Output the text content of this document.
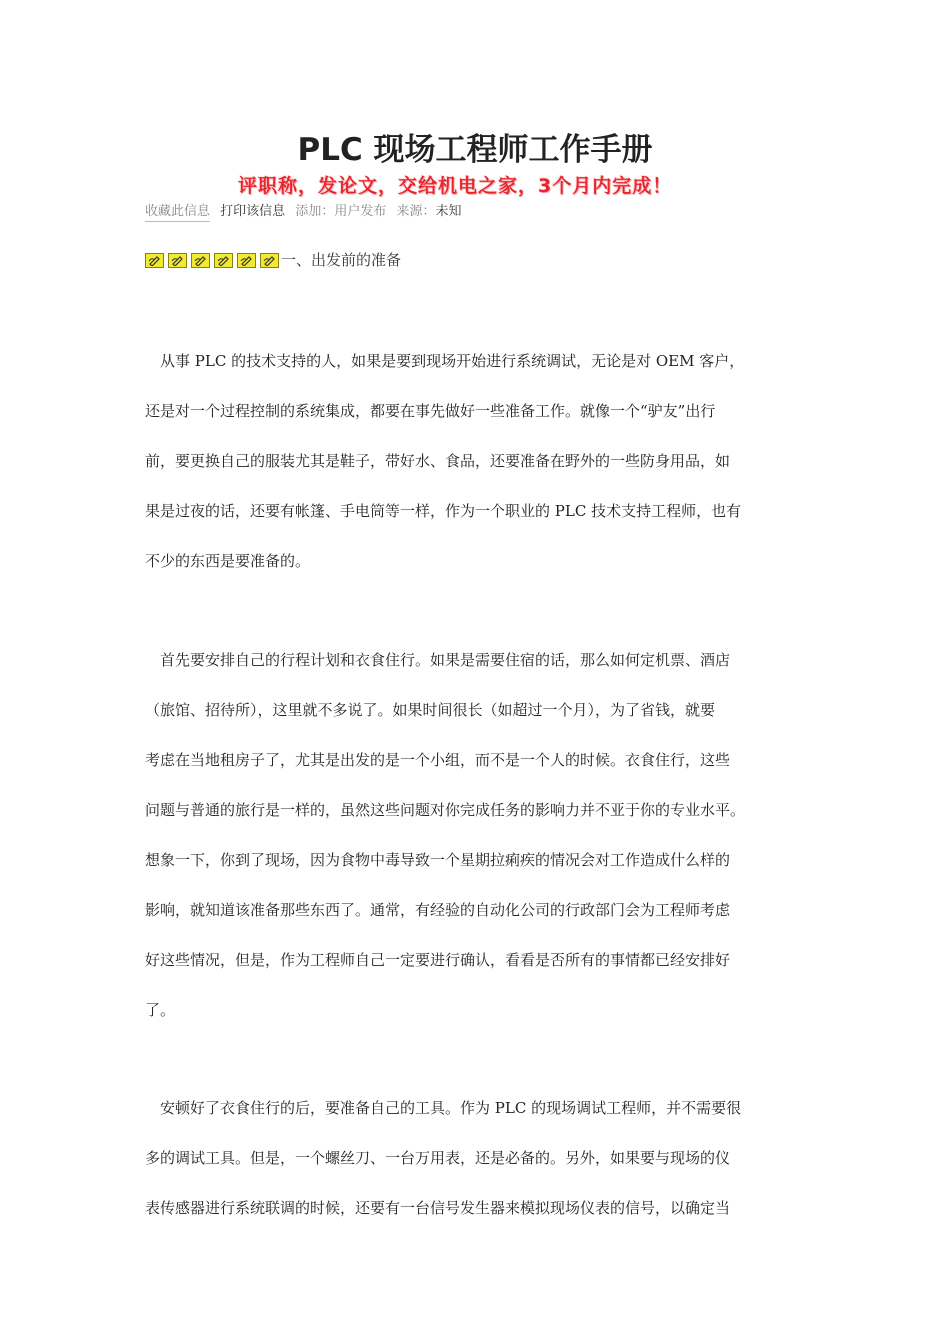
PLC 现场工程师工作手册
评职称，发论文，交给机电之家，3个月内完成！
收藏此信息 打印该信息 添加：用户发布 来源：未知
一、出发前的准备
　从事 PLC 的技术支持的人，如果是要到现场开始进行系统调试，无论是对 OEM 客户，
还是对一个过程控制的系统集成，都要在事先做好一些准备工作。就像一个“驴友”出行
前，要更换自己的服装尤其是鞋子，带好水、食品，还要准备在野外的一些防身用品，如
果是过夜的话，还要有帐篷、手电筒等一样，作为一个职业的 PLC 技术支持工程师，也有
不少的东西是要准备的。
　首先要安排自己的行程计划和衣食住行。如果是需要住宿的话，那么如何定机票、酒店
（旅馆、招待所），这里就不多说了。如果时间很长（如超过一个月），为了省钱，就要
考虑在当地租房子了，尤其是出发的是一个小组，而不是一个人的时候。衣食住行，这些
问题与普通的旅行是一样的，虽然这些问题对你完成任务的影响力并不亚于你的专业水平。
想象一下，你到了现场，因为食物中毒导致一个星期拉痢疾的情况会对工作造成什么样的
影响，就知道该准备那些东西了。通常，有经验的自动化公司的行政部门会为工程师考虑
好这些情况，但是，作为工程师自己一定要进行确认，看看是否所有的事情都已经安排好
了。
　安顿好了衣食住行的后，要准备自己的工具。作为 PLC 的现场调试工程师，并不需要很
多的调试工具。但是，一个螺丝刀、一台万用表，还是必备的。另外，如果要与现场的仪
表传感器进行系统联调的时候，还要有一台信号发生器来模拟现场仪表的信号，以确定当
